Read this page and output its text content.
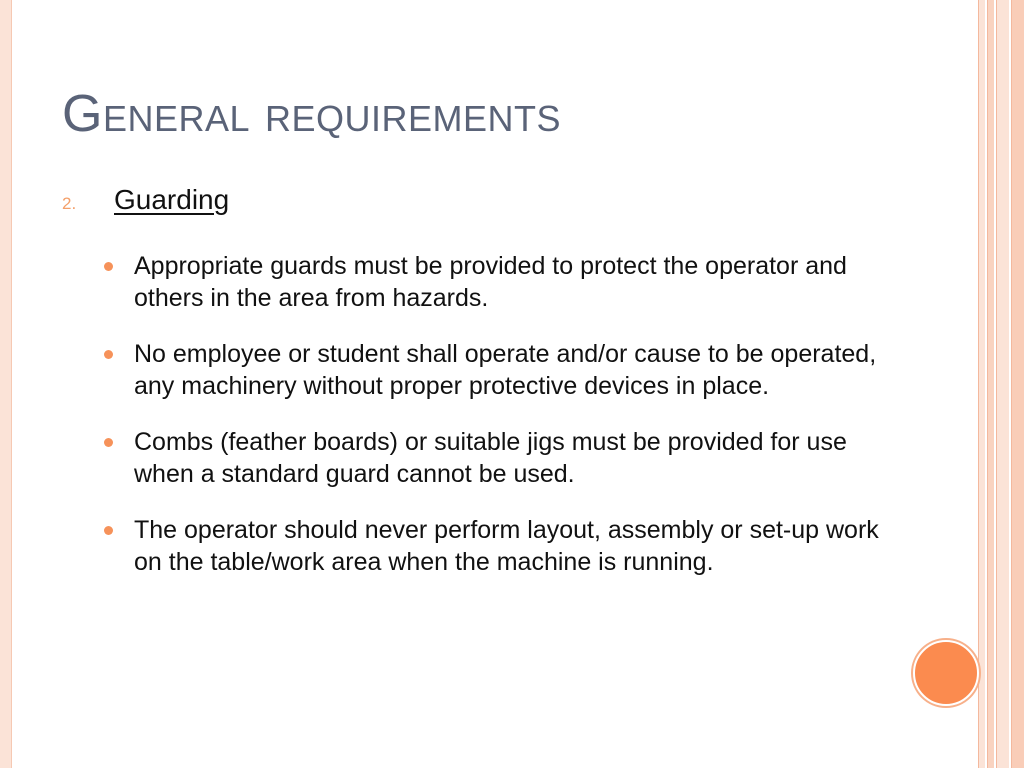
General requirements
2.	Guarding
Appropriate guards must be provided to protect the operator and others in the area from hazards.
No employee or student shall operate and/or cause to be operated, any machinery without proper protective devices in place.
Combs (feather boards) or suitable jigs must be provided for use when a standard guard cannot be used.
The operator should never perform layout, assembly or set-up work on the table/work area when the machine is running.
